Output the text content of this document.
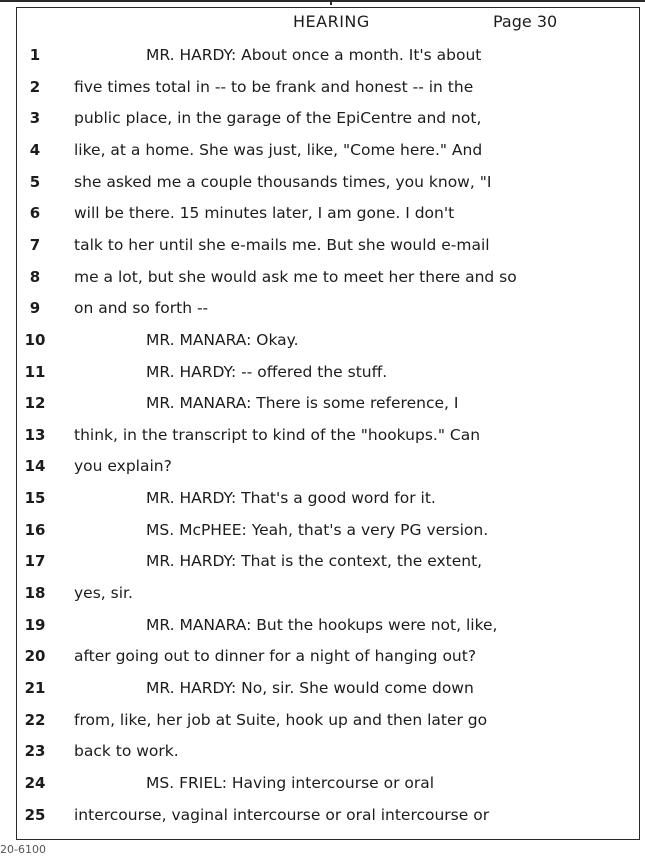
HEARING	Page 30
1	MR. HARDY: About once a month. It's about
2	five times total in -- to be frank and honest -- in the
3	public place, in the garage of the EpiCentre and not,
4	like, at a home. She was just, like, "Come here." And
5	she asked me a couple thousands times, you know, "I
6	will be there. 15 minutes later, I am gone. I don't
7	talk to her until she e-mails me. But she would e-mail
8	me a lot, but she would ask me to meet her there and so
9	on and so forth --
10	MR. MANARA: Okay.
11	MR. HARDY: -- offered the stuff.
12	MR. MANARA: There is some reference, I
13 think, in the transcript to kind of the "hookups." Can
14 you explain?
15	MR. HARDY: That's a good word for it.
16	MS. McPHEE: Yeah, that's a very PG version.
17	MR. HARDY: That is the context, the extent,
18 yes, sir.
19	MR. MANARA: But the hookups were not, like,
20 after going out to dinner for a night of hanging out?
21	MR. HARDY: No, sir. She would come down
22 from, like, her job at Suite, hook up and then later go
23 back to work.
24	MS. FRIEL: Having intercourse or oral
25 intercourse, vaginal intercourse or oral intercourse or
20-6100
